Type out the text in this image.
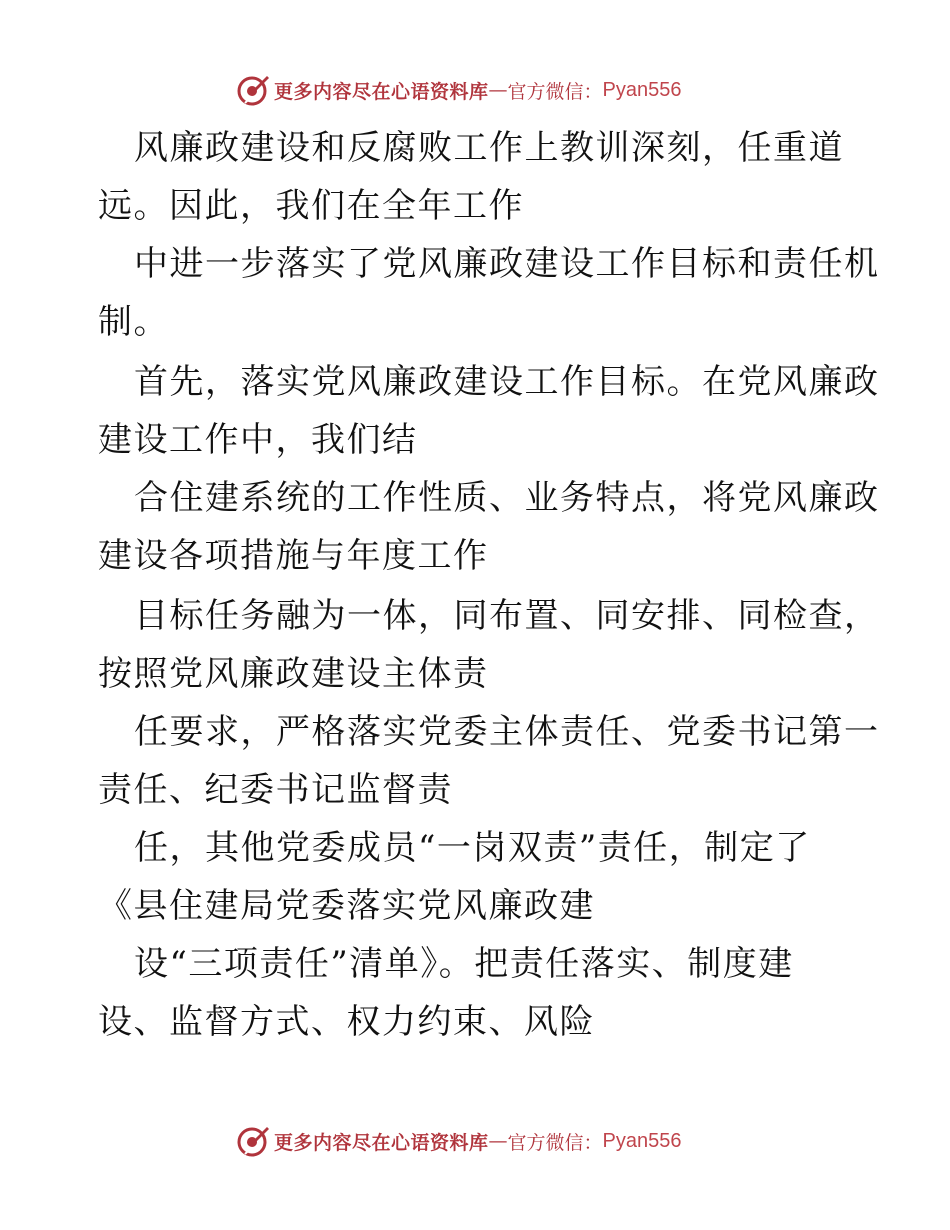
更多内容尽在心语资料库 — 官方微信： Pyan556
风廉政建设和反腐败工作上教训深刻，任重道
远。因此，我们在全年工作
中进一步落实了党风廉政建设工作目标和责任机
制。
首先，落实党风廉政建设工作目标。在党风廉政
建设工作中，我们结
合住建系统的工作性质、业务特点，将党风廉政
建设各项措施与年度工作
目标任务融为一体，同布置、同安排、同检查，
按照党风廉政建设主体责
任要求，严格落实党委主体责任、党委书记第一
责任、纪委书记监督责
任，其他党委成员“一岗双责”责任，制定了
《县住建局党委落实党风廉政建
设“三项责任”清单》。把责任落实、制度建
设、监督方式、权力约束、风险
更多内容尽在心语资料库 — 官方微信： Pyan556
